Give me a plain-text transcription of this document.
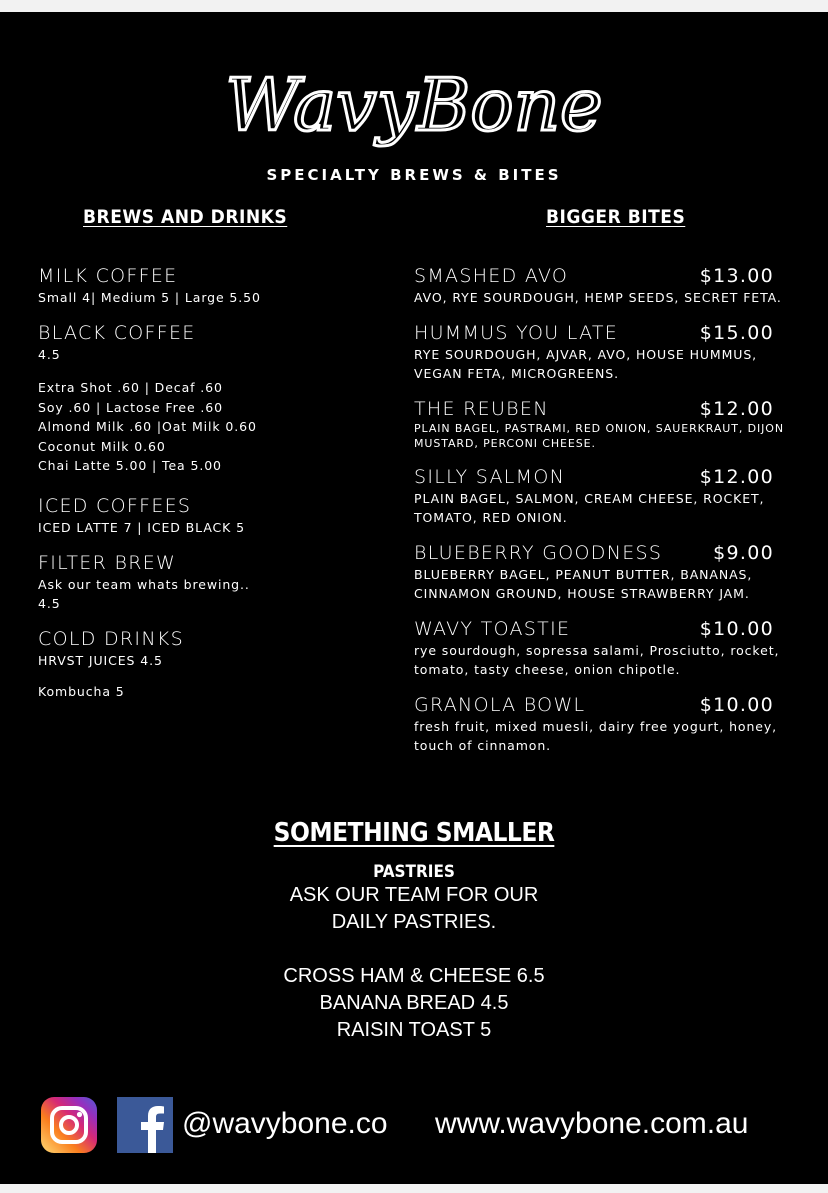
WavyBone
SPECIALTY BREWS & BITES
BREWS AND DRINKS	BIGGER BITES
MILK COFFEE
Small 4| Medium 5 | Large 5.50
BLACK COFFEE
4.5
Extra Shot .60 | Decaf .60
Soy .60 | Lactose Free .60
Almond Milk .60 |Oat Milk 0.60
Coconut Milk 0.60
Chai Latte 5.00 | Tea 5.00
ICED COFFEES
ICED LATTE 7 | ICED BLACK 5
FILTER BREW
Ask our team whats brewing..
4.5
COLD DRINKS
HRVST JUICES 4.5
Kombucha 5
SMASHED AVO	$13.00
AVO, RYE SOURDOUGH, HEMP SEEDS, SECRET FETA.
HUMMUS YOU LATE	$15.00
RYE SOURDOUGH, AJVAR, AVO, HOUSE HUMMUS, VEGAN FETA, MICROGREENS.
THE REUBEN	$12.00
PLAIN BAGEL, PASTRAMI, RED ONION, SAUERKRAUT, DIJON MUSTARD, PERCONI CHEESE.
SILLY SALMON	$12.00
PLAIN BAGEL, SALMON, CREAM CHEESE, ROCKET, TOMATO, RED ONION.
BLUEBERRY GOODNESS	$9.00
BLUEBERRY BAGEL, PEANUT BUTTER, BANANAS, CINNAMON GROUND, HOUSE STRAWBERRY JAM.
WAVY TOASTIE	$10.00
rye sourdough, sopressa salami, Prosciutto, rocket, tomato, tasty cheese, onion chipotle.
GRANOLA BOWL	$10.00
fresh fruit, mixed muesli, dairy free yogurt, honey, touch of cinnamon.
SOMETHING SMALLER
PASTRIES
ASK OUR TEAM FOR OUR
DAILY PASTRIES.
CROSS HAM & CHEESE 6.5
BANANA BREAD 4.5
RAISIN TOAST 5
@wavybone.co www.wavybone.com.au
